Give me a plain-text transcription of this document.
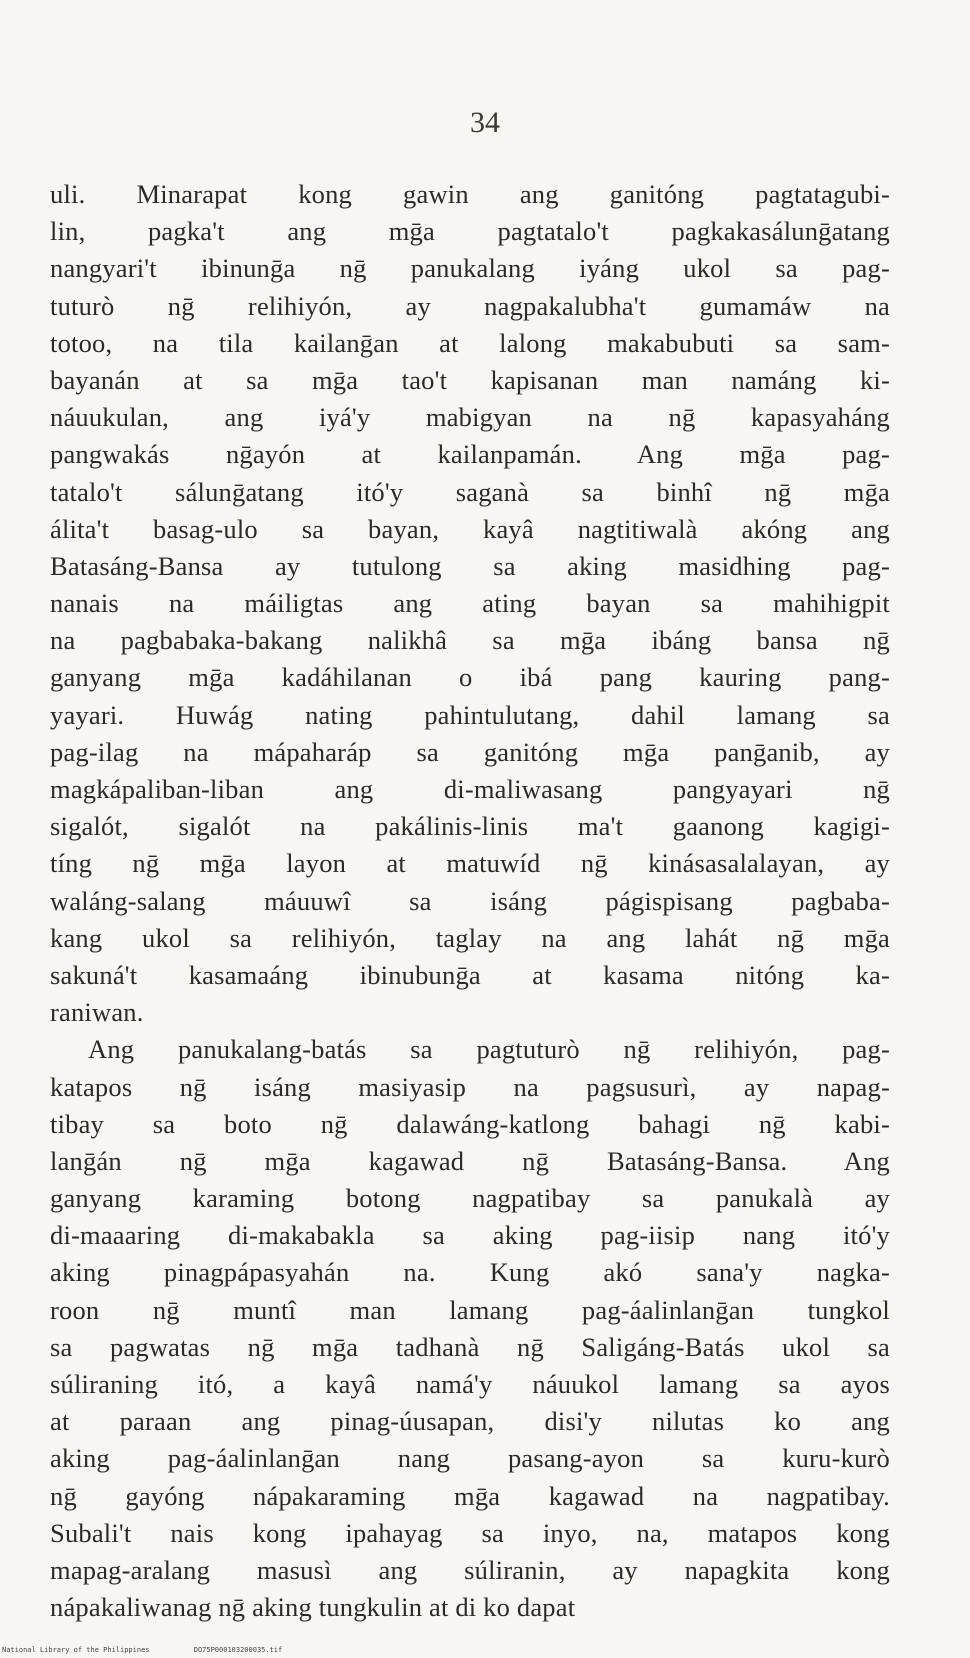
34
uli. Minarapat kong gawin ang ganitóng pagtatagubi-
lin, pagka't ang mḡa pagtatalo't pagkakasálunḡatang
nangyari't ibinunḡa nḡ panukalang iyáng ukol sa pag-
tuturò nḡ relihiyón, ay nagpakalubha't gumamáw na
totoo, na tila kailanḡan at lalong makabubuti sa sam-
bayanán at sa mḡa tao't kapisanan man namáng ki-
náuukulan, ang iyá'y mabigyan na nḡ kapasyaháng
pangwakás nḡayón at kailanpamán. Ang mḡa pag-
tatalo't sálunḡatang itó'y saganà sa binhî nḡ mḡa
álita't basag-ulo sa bayan, kayâ nagtitiwalà akóng ang
Batasáng-Bansa ay tutulong sa aking masidhing pag-
nanais na máiligtas ang ating bayan sa mahihigpit
na pagbabaka-bakang nalikhâ sa mḡa ibáng bansa nḡ
ganyang mḡa kadáhilanan o ibá pang kauring pang-
yayari. Huwág nating pahintulutang, dahil lamang sa
pag-ilag na mápaharáp sa ganitóng mḡa panḡanib, ay
magkápaliban-liban ang di-maliwasang pangyayari nḡ
sigalót, sigalót na pakálinis-linis ma't gaanong kagigi-
tíng nḡ mḡa layon at matuwíd nḡ kinásasalalayan, ay
waláng-salang máuuwî sa isáng págispisang pagbaba-
kang ukol sa relihiyón, taglay na ang lahát nḡ mḡa
sakuná't kasamaáng ibinubunḡa at kasama nitóng ka-
raniwan.
Ang panukalang-batás sa pagtuturò nḡ relihiyón, pag-
katapos nḡ isáng masiyasip na pagsusurì, ay napag-
tibay sa boto nḡ dalawáng-katlong bahagi nḡ kabi-
lanḡán nḡ mḡa kagawad nḡ Batasáng-Bansa. Ang
ganyang karaming botong nagpatibay sa panukalà ay
di-maaaring di-makabakla sa aking pag-iisip nang itó'y
aking pinagpápasyahán na. Kung akó sana'y nagka-
roon nḡ muntî man lamang pag-áalinlanḡan tungkol
sa pagwatas nḡ mḡa tadhanà nḡ Saligáng-Batás ukol sa
súliraning itó, a kayâ namá'y náuukol lamang sa ayos
at paraan ang pinag-úusapan, disi'y nilutas ko ang
aking pag-áalinlanḡan nang pasang-ayon sa kuru-kurò
nḡ gayóng nápakaraming mḡa kagawad na nagpatibay.
Subali't nais kong ipahayag sa inyo, na, matapos kong
mapag-aralang masusì ang súliranin, ay napagkita kong
nápakaliwanag nḡ aking tungkulin at di ko dapat
National Library of the Philippines	DO75P000103200035.tif
